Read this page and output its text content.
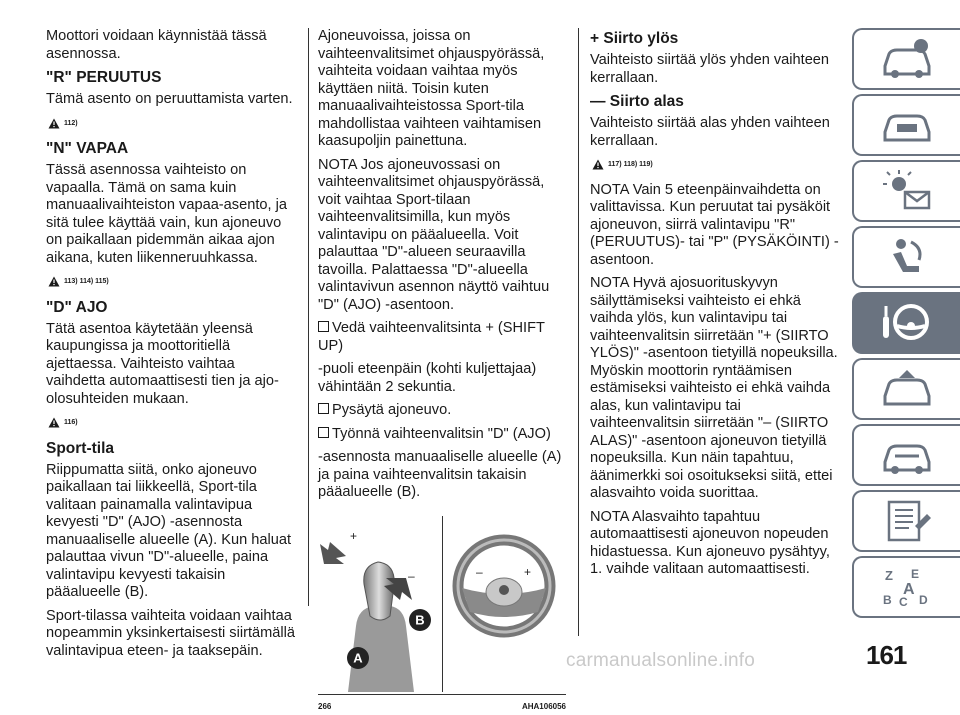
Moottori voidaan käynnistää tässä asennossa.

"R" PERUUTUS

Tämä asento on peruuttamista varten.

112)
"N" VAPAA

Tässä asennossa vaihteisto on vapaalla. Tämä on sama kuin manuaalivaihteiston vapaa-asento, ja sitä tulee käyttää vain, kun ajoneuvo on paikallaan pidemmän aikaa ajon aikana, kuten liikenneruuhkassa.

113) 114) 115)
"D" AJO

Tätä asentoa käytetään yleensä kaupungissa ja moottoritiellä ajettaessa. Vaihteisto vaihtaa vaihdetta automaattisesti tien ja ajo-olosuhteiden mukaan.

116)
Sport-tila

Riippumatta siitä, onko ajoneuvo paikallaan tai liikkeellä, Sport-tila valitaan painamalla valintavipua kevyesti "D" (AJO) -asennosta manuaaliselle alueelle (A). Kun haluat palauttaa vivun "D"-alueelle, paina valintavipu kevyesti takaisin pääalueelle (B).

Sport-tilassa vaihteita voidaan vaihtaa nopeammin yksinkertaisesti siirtämällä valintavipua eteen- ja taaksepäin.

Ajoneuvoissa, joissa on vaihteenvalitsimet ohjauspyörässä, vaihteita voidaan vaihtaa myös käyttäen niitä. Toisin kuten manuaalivaihteistossa Sport-tila mahdollistaa vaihteen vaihtamisen kaasupoljin painettuna.

NOTA Jos ajoneuvossasi on vaihteenvalitsimet ohjauspyörässä, voit vaihtaa Sport-tilaan vaihteenvalitsimilla, kun myös valintavipu on pääalueella. Voit palauttaa "D"-alueen seuraavilla tavoilla. Palattaessa "D"-alueella valintavivun asennon näyttö vaihtuu "D" (AJO) -asentoon.

Vedä vaihteenvalitsinta + (SHIFT UP)

-puoli eteenpäin (kohti kuljettajaa) vähintään 2 sekuntia.

Pysäytä ajoneuvo.
Työnnä vaihteenvalitsin "D" (AJO)

-asennosta manuaaliselle alueelle (A) ja paina vaihteenvalitsin takaisin pääalueelle (B).

B
A
+
–	–	+
266	AHA106056
+ Siirto ylös

Vaihteisto siirtää ylös yhden vaihteen kerrallaan.

— Siirto alas

Vaihteisto siirtää alas yhden vaihteen kerrallaan.

117) 118) 119)

NOTA Vain 5 eteenpäinvaihdetta on valittavissa. Kun peruutat tai pysäköit ajoneuvon, siirrä valintavipu "R" (PERUUTUS)- tai "P" (PYSÄKÖINTI) -asentoon.

NOTA Hyvä ajosuorituskyvyn säilyttämiseksi vaihteisto ei ehkä vaihda ylös, kun valintavipu tai vaihteenvalitsin siirretään "+ (SIIRTO YLÖS)" -asentoon tietyillä nopeuksilla. Myöskin moottorin ryntäämisen estämiseksi vaihteisto ei ehkä vaihda alas, kun valintavipu tai vaihteenvalitsin siirretään "– (SIIRTO ALAS)" -asentoon ajoneuvon tietyillä nopeuksilla. Kun näin tapahtuu, äänimerkki soi osoitukseksi siitä, ettei alasvaihto voida suorittaa.

NOTA Alasvaihto tapahtuu automaattisesti ajoneuvon nopeuden hidastuessa. Kun ajoneuvo pysähtyy, 1. vaihde valitaan automaattisesti.	Z E
B C D
A
161
carmanualsonline.info
